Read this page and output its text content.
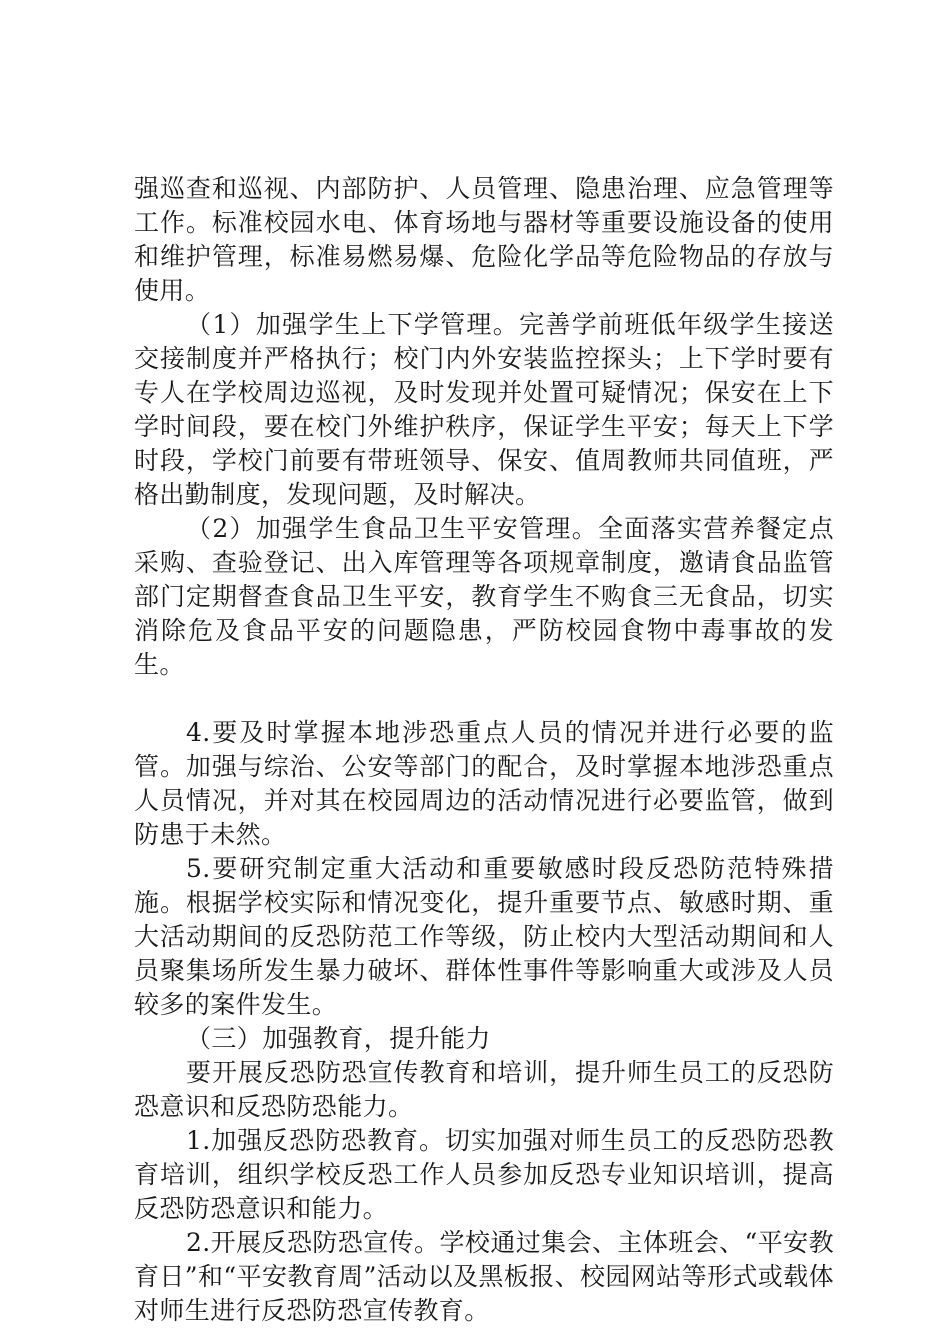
强巡查和巡视、内部防护、人员管理、隐患治理、应急管理等工作。标准校园水电、体育场地与器材等重要设施设备的使用和维护管理，标准易燃易爆、危险化学品等危险物品的存放与使用。

（1）加强学生上下学管理。完善学前班低年级学生接送交接制度并严格执行；校门内外安装监控探头；上下学时要有专人在学校周边巡视，及时发现并处置可疑情况；保安在上下学时间段，要在校门外维护秩序，保证学生平安；每天上下学时段，学校门前要有带班领导、保安、值周教师共同值班，严格出勤制度，发现问题，及时解决。

（2）加强学生食品卫生平安管理。全面落实营养餐定点采购、查验登记、出入库管理等各项规章制度，邀请食品监管部门定期督查食品卫生平安，教育学生不购食三无食品，切实消除危及食品平安的问题隐患，严防校园食物中毒事故的发生。

4.要及时掌握本地涉恐重点人员的情况并进行必要的监管。加强与综治、公安等部门的配合，及时掌握本地涉恐重点人员情况，并对其在校园周边的活动情况进行必要监管，做到防患于未然。

5.要研究制定重大活动和重要敏感时段反恐防范特殊措施。根据学校实际和情况变化，提升重要节点、敏感时期、重大活动期间的反恐防范工作等级，防止校内大型活动期间和人员聚集场所发生暴力破坏、群体性事件等影响重大或涉及人员较多的案件发生。

（三）加强教育，提升能力

要开展反恐防恐宣传教育和培训，提升师生员工的反恐防恐意识和反恐防恐能力。

1.加强反恐防恐教育。切实加强对师生员工的反恐防恐教育培训，组织学校反恐工作人员参加反恐专业知识培训，提高反恐防恐意识和能力。

2.开展反恐防恐宣传。学校通过集会、主体班会、“平安教育日”和“平安教育周”活动以及黑板报、校园网站等形式或载体对师生进行反恐防恐宣传教育。
